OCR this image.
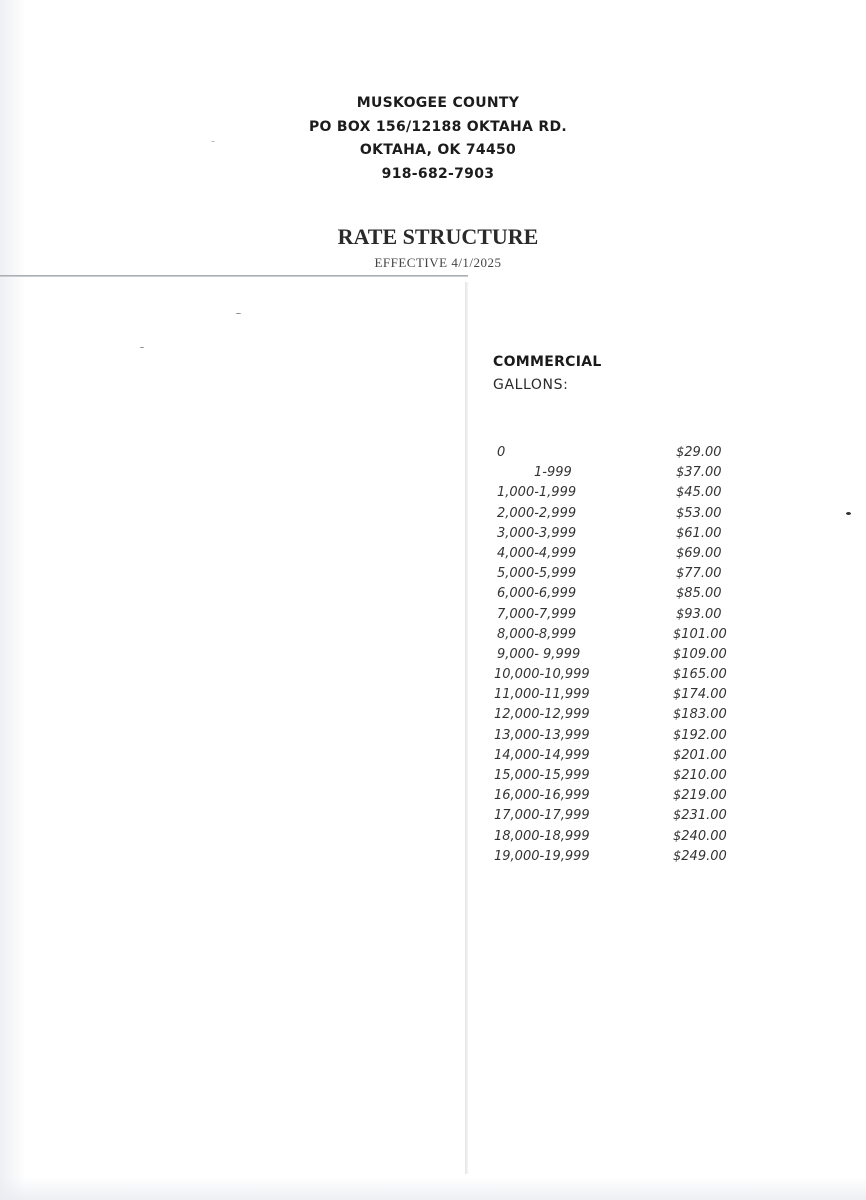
MUSKOGEE COUNTY
PO BOX 156/12188 OKTAHA RD.
OKTAHA, OK 74450
918-682-7903
RATE STRUCTURE
EFFECTIVE 4/1/2025
COMMERCIAL
GALLONS:
0	$29.00
1-999	$37.00
1,000-1,999	$45.00
2,000-2,999	$53.00
3,000-3,999	$61.00
4,000-4,999	$69.00
5,000-5,999	$77.00
6,000-6,999	$85.00
7,000-7,999	$93.00
8,000-8,999	$101.00
9,000- 9,999	$109.00
10,000-10,999	$165.00
11,000-11,999	$174.00
12,000-12,999	$183.00
13,000-13,999	$192.00
14,000-14,999	$201.00
15,000-15,999	$210.00
16,000-16,999	$219.00
17,000-17,999	$231.00
18,000-18,999	$240.00
19,000-19,999	$249.00
